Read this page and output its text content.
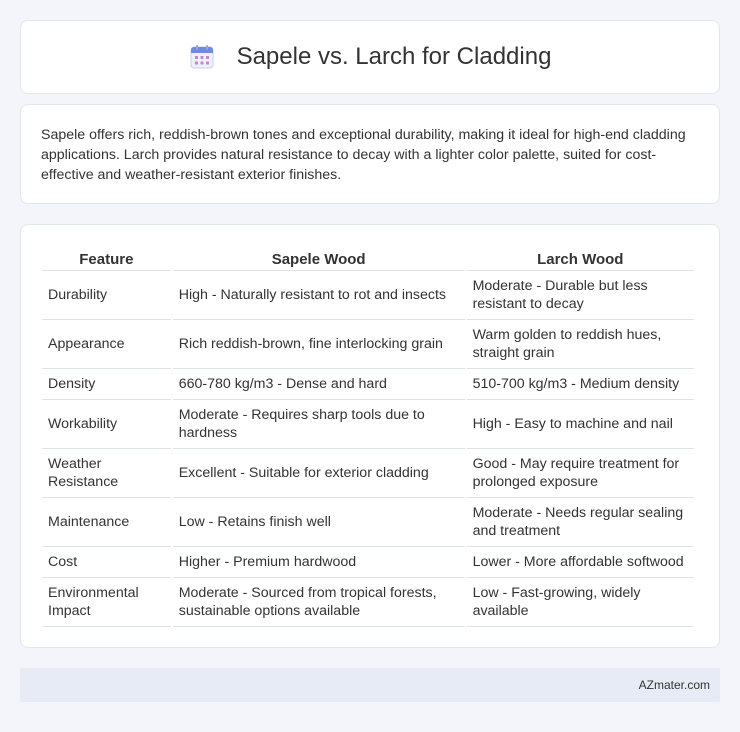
Sapele vs. Larch for Cladding

Sapele offers rich, reddish-brown tones and exceptional durability, making it ideal for high-end cladding applications. Larch provides natural resistance to decay with a lighter color palette, suited for cost-effective and weather-resistant exterior finishes.

Feature	Sapele Wood	Larch Wood
Durability	High - Naturally resistant to rot and insects	Moderate - Durable but less resistant to decay
Appearance	Rich reddish-brown, fine interlocking grain	Warm golden to reddish hues, straight grain
Density	660-780 kg/m3 - Dense and hard	510-700 kg/m3 - Medium density
Workability	Moderate - Requires sharp tools due to hardness	High - Easy to machine and nail
Weather Resistance	Excellent - Suitable for exterior cladding	Good - May require treatment for prolonged exposure
Maintenance	Low - Retains finish well	Moderate - Needs regular sealing and treatment
Cost	Higher - Premium hardwood	Lower - More affordable softwood
Environmental Impact	Moderate - Sourced from tropical forests, sustainable options available	Low - Fast-growing, widely available
AZmater.com
